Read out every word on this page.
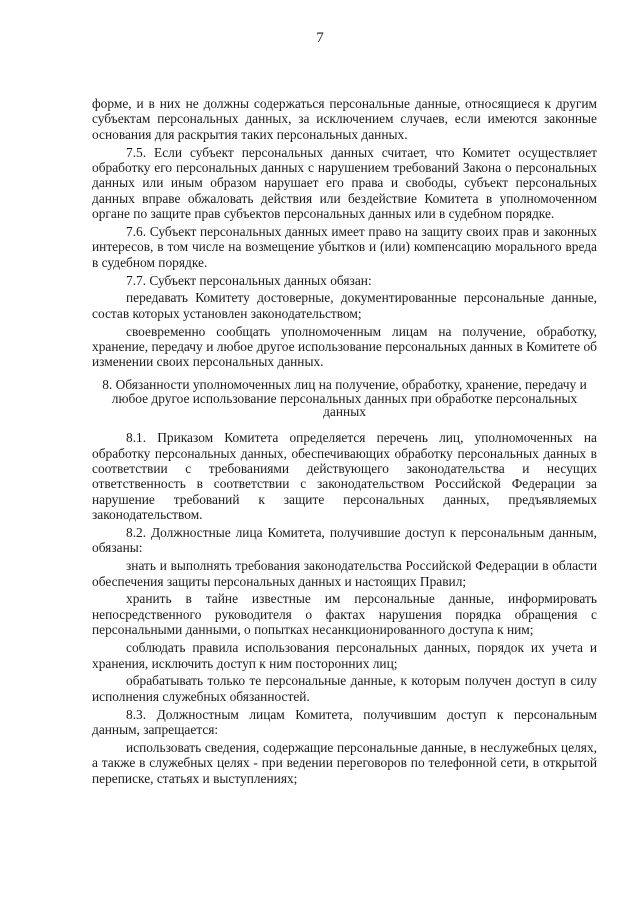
7

форме, и в них не должны содержаться персональные данные, относящиеся к другим субъектам персональных данных, за исключением случаев, если имеются законные основания для раскрытия таких персональных данных.

7.5. Если субъект персональных данных считает, что Комитет осуществляет обработку его персональных данных с нарушением требований Закона о персональных данных или иным образом нарушает его права и свободы, субъект персональных данных вправе обжаловать действия или бездействие Комитета в уполномоченном органе по защите прав субъектов персональных данных или в судебном порядке.

7.6. Субъект персональных данных имеет право на защиту своих прав и законных интересов, в том числе на возмещение убытков и (или) компенсацию морального вреда в судебном порядке.

7.7. Субъект персональных данных обязан:

передавать Комитету достоверные, документированные персональные данные, состав которых установлен законодательством;

своевременно сообщать уполномоченным лицам на получение, обработку, хранение, передачу и любое другое использование персональных данных в Комитете об изменении своих персональных данных.

8. Обязанности уполномоченных лиц на получение, обработку, хранение, передачу и любое другое использование персональных данных при обработке персональных данных

8.1. Приказом Комитета определяется перечень лиц, уполномоченных на обработку персональных данных, обеспечивающих обработку персональных данных в соответствии с требованиями действующего законодательства и несущих ответственность в соответствии с законодательством Российской Федерации за нарушение требований к защите персональных данных, предъявляемых законодательством.

8.2. Должностные лица Комитета, получившие доступ к персональным данным, обязаны:

знать и выполнять требования законодательства Российской Федерации в области обеспечения защиты персональных данных и настоящих Правил;

хранить в тайне известные им персональные данные, информировать непосредственного руководителя о фактах нарушения порядка обращения с персональными данными, о попытках несанкционированного доступа к ним;

соблюдать правила использования персональных данных, порядок их учета и хранения, исключить доступ к ним посторонних лиц;

обрабатывать только те персональные данные, к которым получен доступ в силу исполнения служебных обязанностей.

8.3. Должностным лицам Комитета, получившим доступ к персональным данным, запрещается:

использовать сведения, содержащие персональные данные, в неслужебных целях, а также в служебных целях - при ведении переговоров по телефонной сети, в открытой переписке, статьях и выступлениях;
